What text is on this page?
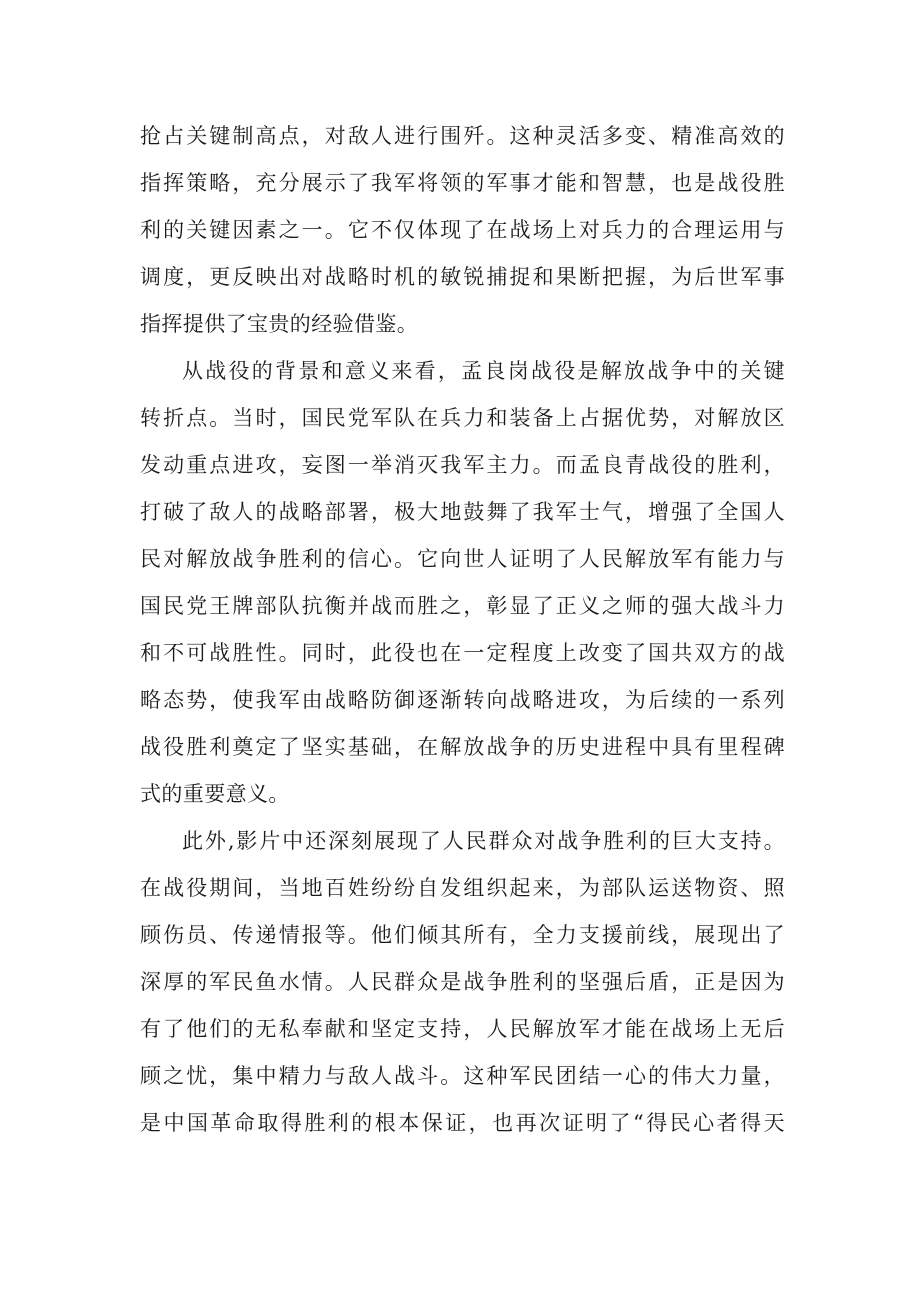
抢占关键制高点，对敌人进行围歼。这种灵活多变、精准高效的
指挥策略，充分展示了我军将领的军事才能和智慧，也是战役胜
利的关键因素之一。它不仅体现了在战场上对兵力的合理运用与
调度，更反映出对战略时机的敏锐捕捉和果断把握，为后世军事
指挥提供了宝贵的经验借鉴。

从战役的背景和意义来看，孟良岗战役是解放战争中的关键
转折点。当时，国民党军队在兵力和装备上占据优势，对解放区
发动重点进攻，妄图一举消灭我军主力。而孟良青战役的胜利，
打破了敌人的战略部署，极大地鼓舞了我军士气，增强了全国人
民对解放战争胜利的信心。它向世人证明了人民解放军有能力与
国民党王牌部队抗衡并战而胜之，彰显了正义之师的强大战斗力
和不可战胜性。同时，此役也在一定程度上改变了国共双方的战
略态势，使我军由战略防御逐渐转向战略进攻，为后续的一系列
战役胜利奠定了坚实基础，在解放战争的历史进程中具有里程碑
式的重要意义。

此外,影片中还深刻展现了人民群众对战争胜利的巨大支持。
在战役期间，当地百姓纷纷自发组织起来，为部队运送物资、照
顾伤员、传递情报等。他们倾其所有，全力支援前线，展现出了
深厚的军民鱼水情。人民群众是战争胜利的坚强后盾，正是因为
有了他们的无私奉献和坚定支持，人民解放军才能在战场上无后
顾之忧，集中精力与敌人战斗。这种军民团结一心的伟大力量，
是中国革命取得胜利的根本保证，也再次证明了“得民心者得天
